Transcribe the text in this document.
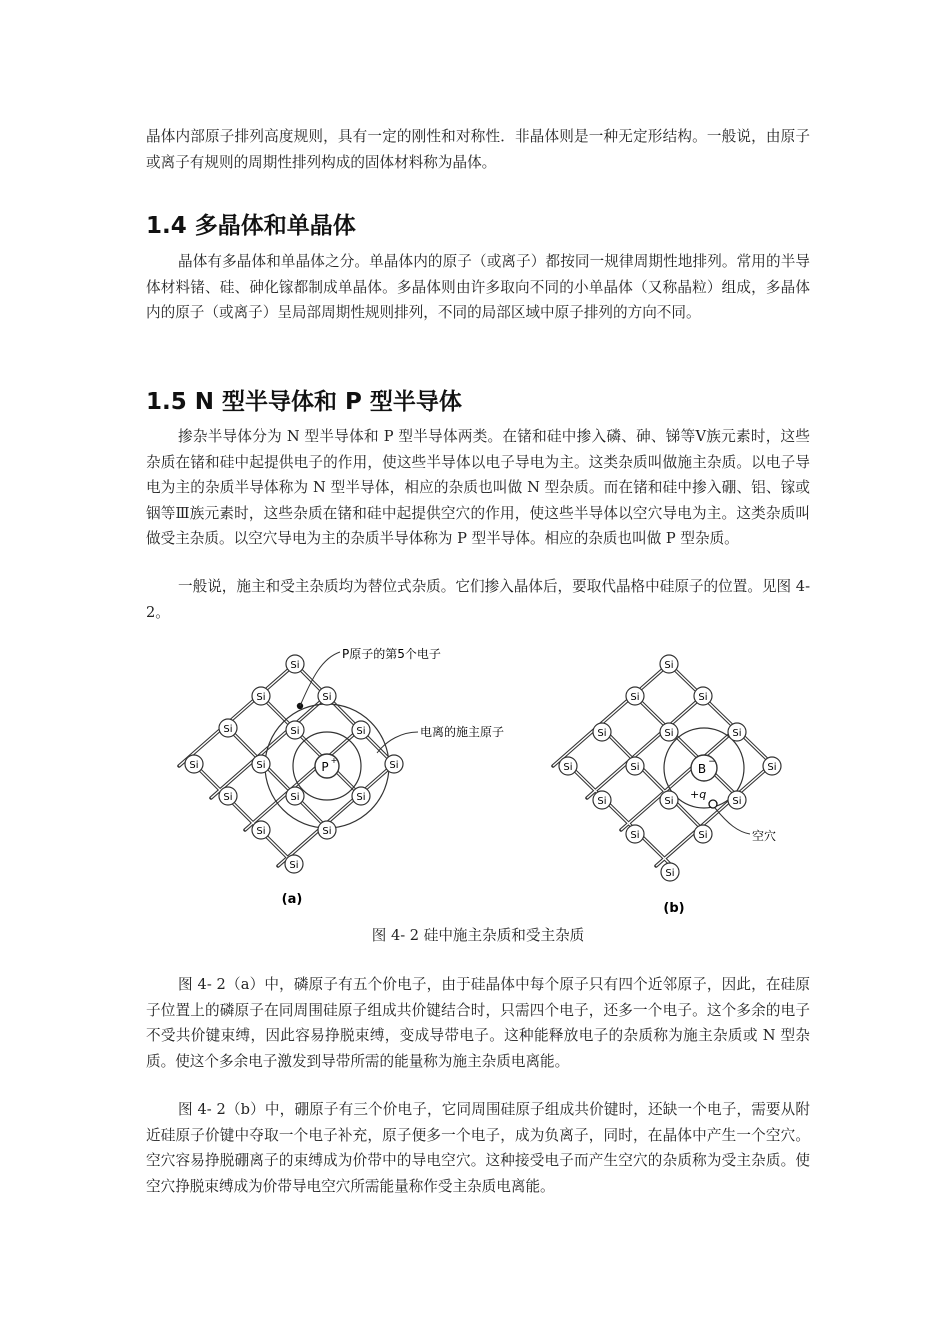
晶体内部原子排列高度规则，具有一定的刚性和对称性．非晶体则是一种无定形结构。一般说，由原子或离子有规则的周期性排列构成的固体材料称为晶体。

1.4 多晶体和单晶体

晶体有多晶体和单晶体之分。单晶体内的原子（或离子）都按同一规律周期性地排列。常用的半导体材料锗、硅、砷化镓都制成单晶体。多晶体则由许多取向不同的小单晶体（又称晶粒）组成，多晶体内的原子（或离子）呈局部周期性规则排列，不同的局部区域中原子排列的方向不同。

1.5 N 型半导体和 P 型半导体

掺杂半导体分为 N 型半导体和 P 型半导体两类。在锗和硅中掺入磷、砷、锑等Ⅴ族元素时，这些杂质在锗和硅中起提供电子的作用，使这些半导体以电子导电为主。这类杂质叫做施主杂质。以电子导电为主的杂质半导体称为 N 型半导体，相应的杂质也叫做 N 型杂质。而在锗和硅中掺入硼、铝、镓或铟等Ⅲ族元素时，这些杂质在锗和硅中起提供空穴的作用，使这些半导体以空穴导电为主。这类杂质叫做受主杂质。以空穴导电为主的杂质半导体称为 P 型半导体。相应的杂质也叫做 P 型杂质。

一般说，施主和受主杂质均为替位式杂质。它们掺入晶体后，要取代晶格中硅原子的位置。见图 4- 2。

Si
Si	Si
Si	Si	Si
Si	Si	Si
Si	Si	Si
Si	Si
Si
P +
P原子的第5个电子
电离的施主原子
(a)
Si
Si	Si
Si	Si	Si
Si	Si	Si
Si	Si	Si
Si	Si
Si
B −
+q
空穴
(b)

图 4- 2 硅中施主杂质和受主杂质

图 4- 2（a）中，磷原子有五个价电子，由于硅晶体中每个原子只有四个近邻原子，因此，在硅原子位置上的磷原子在同周围硅原子组成共价键结合时，只需四个电子，还多一个电子。这个多余的电子不受共价键束缚，因此容易挣脱束缚，变成导带电子。这种能释放电子的杂质称为施主杂质或 N 型杂质。使这个多余电子激发到导带所需的能量称为施主杂质电离能。

图 4- 2（b）中，硼原子有三个价电子，它同周围硅原子组成共价键时，还缺一个电子，需要从附近硅原子价键中夺取一个电子补充，原子便多一个电子，成为负离子，同时，在晶体中产生一个空穴。空穴容易挣脱硼离子的束缚成为价带中的导电空穴。这种接受电子而产生空穴的杂质称为受主杂质。使空穴挣脱束缚成为价带导电空穴所需能量称作受主杂质电离能。
